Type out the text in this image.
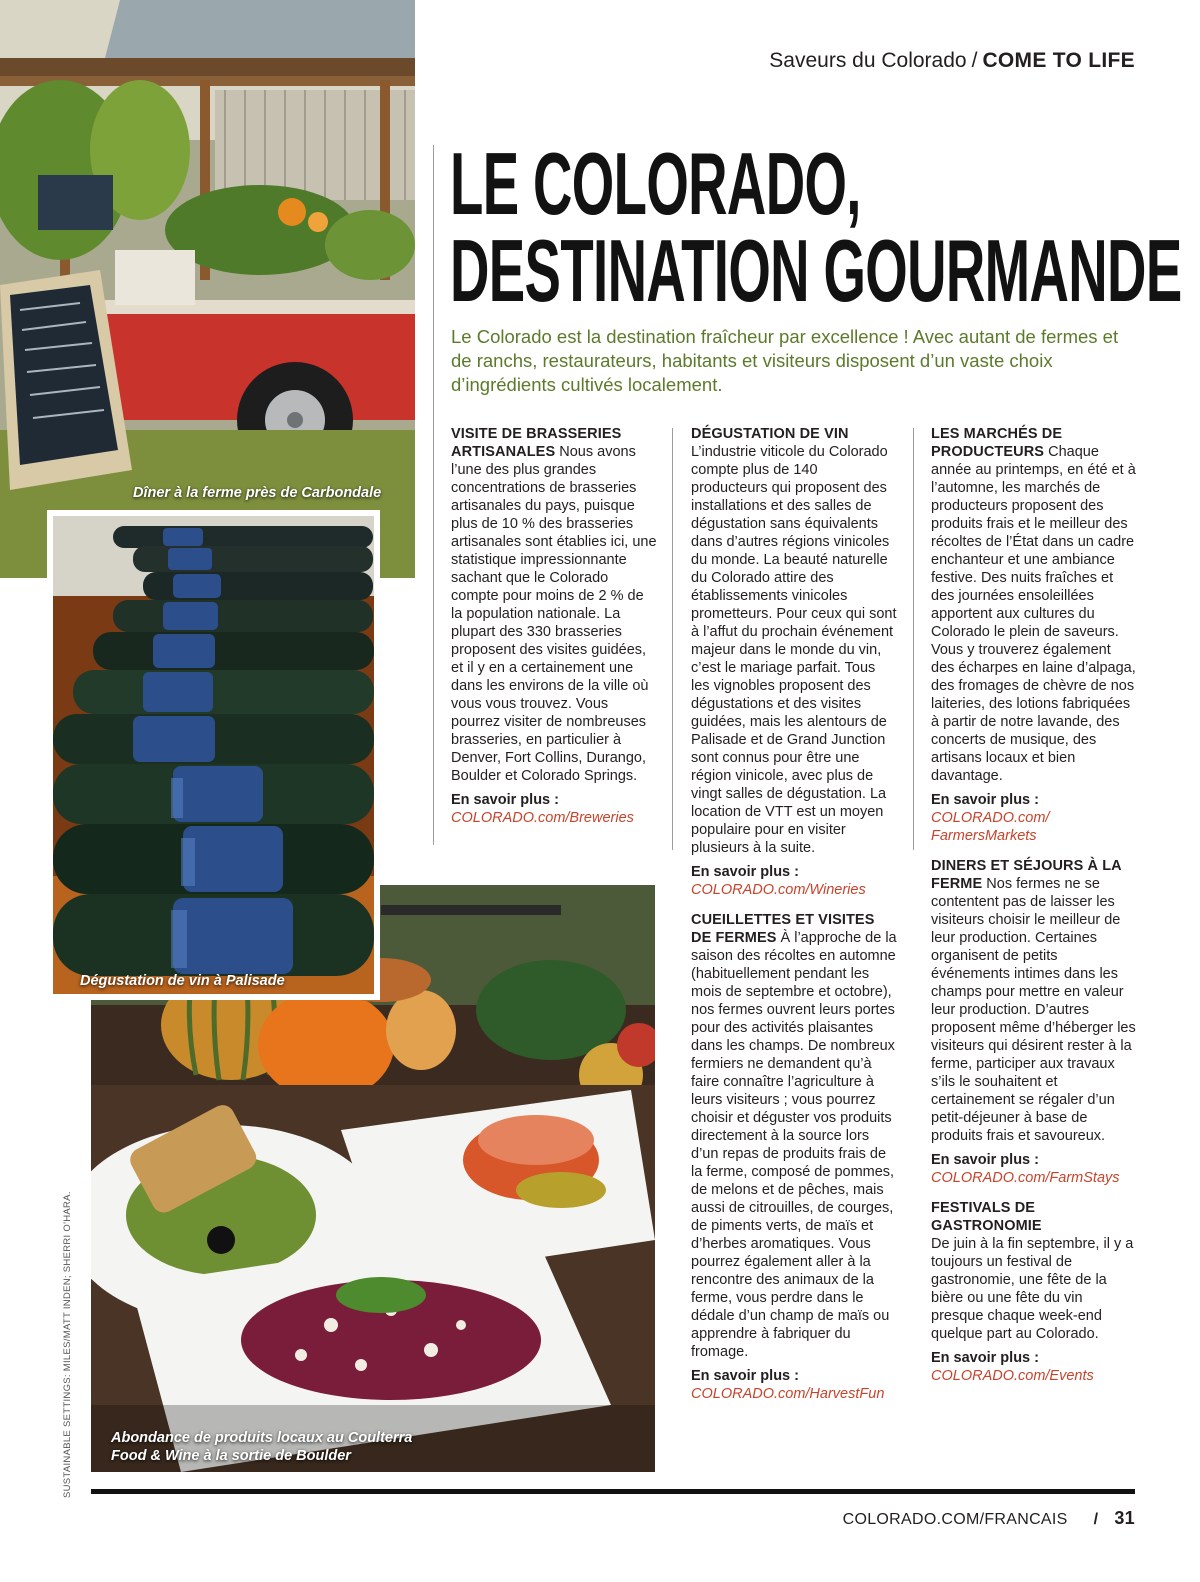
Dîner à la ferme près de Carbondale
Abondance de produits locaux au Coulterra Food & Wine à la sortie de Boulder
Dégustation de vin à Palisade
SUSTAINABLE SETTINGS: MILES/MATT INDEN; SHERRI O'HARA.
Saveurs du Colorado / COME TO LIFE
LE COLORADO,
DESTINATION GOURMANDE
Le Colorado est la destination fraîcheur par excellence ! Avec autant de fermes et de ranchs, restaurateurs, habitants et visiteurs disposent d’un vaste choix d’ingrédients cultivés localement.

VISITE DE BRASSERIES ARTISANALES Nous avons l’une des plus grandes concentrations de brasseries artisanales du pays, puisque plus de 10 % des brasseries artisanales sont établies ici, une statistique impressionnante sachant que le Colorado compte pour moins de 2 % de la population nationale. La plupart des 330 brasseries proposent des visites guidées, et il y en a certainement une dans les environs de la ville où vous vous trouvez. Vous pourrez visiter de nombreuses brasseries, en particulier à Denver, Fort Collins, Durango, Boulder et Colorado Springs.

En savoir plus :

COLORADO.com/Breweries

DÉGUSTATION DE VIN

L’industrie viticole du Colorado compte plus de 140 producteurs qui proposent des installations et des salles de dégustation sans équivalents dans d’autres régions vinicoles du monde. La beauté naturelle du Colorado attire des établissements vinicoles prometteurs. Pour ceux qui sont à l’affut du prochain événement majeur dans le monde du vin, c’est le mariage parfait. Tous les vignobles proposent des dégustations et des visites guidées, mais les alentours de Palisade et de Grand Junction sont connus pour être une région vinicole, avec plus de vingt salles de dégustation. La location de VTT est un moyen populaire pour en visiter plusieurs à la suite.

En savoir plus :

COLORADO.com/Wineries

CUEILLETTES ET VISITES DE FERMES À l’approche de la saison des récoltes en automne (habituellement pendant les mois de septembre et octobre), nos fermes ouvrent leurs portes pour des activités plaisantes dans les champs. De nombreux fermiers ne demandent qu’à faire connaître l’agriculture à leurs visiteurs ; vous pourrez choisir et déguster vos produits directement à la source lors d’un repas de produits frais de la ferme, composé de pommes, de melons et de pêches, mais aussi de citrouilles, de courges, de piments verts, de maïs et d’herbes aromatiques. Vous pourrez également aller à la rencontre des animaux de la ferme, vous perdre dans le dédale d’un champ de maïs ou apprendre à fabriquer du fromage.

En savoir plus :

COLORADO.com/HarvestFun

LES MARCHÉS DE PRODUCTEURS Chaque année au printemps, en été et à l’automne, les marchés de producteurs proposent des produits frais et le meilleur des récoltes de l’État dans un cadre enchanteur et une ambiance festive. Des nuits fraîches et des journées ensoleillées apportent aux cultures du Colorado le plein de saveurs. Vous y trouverez également des écharpes en laine d’alpaga, des fromages de chèvre de nos laiteries, des lotions fabriquées à partir de notre lavande, des concerts de musique, des artisans locaux et bien davantage.

En savoir plus :

COLORADO.com/ FarmersMarkets

DINERS ET SÉJOURS À LA FERME Nos fermes ne se contentent pas de laisser les visiteurs choisir le meilleur de leur production. Certaines organisent de petits événements intimes dans les champs pour mettre en valeur leur production. D’autres proposent même d’héberger les visiteurs qui désirent rester à la ferme, participer aux travaux s’ils le souhaitent et certainement se régaler d’un petit-déjeuner à base de produits frais et savoureux.

En savoir plus :

COLORADO.com/FarmStays

FESTIVALS DE GASTRONOMIE

De juin à la fin septembre, il y a toujours un festival de gastronomie, une fête de la bière ou une fête du vin presque chaque week-end quelque part au Colorado.

En savoir plus :

COLORADO.com/Events
COLORADO.COM/FRANCAIS / 31
